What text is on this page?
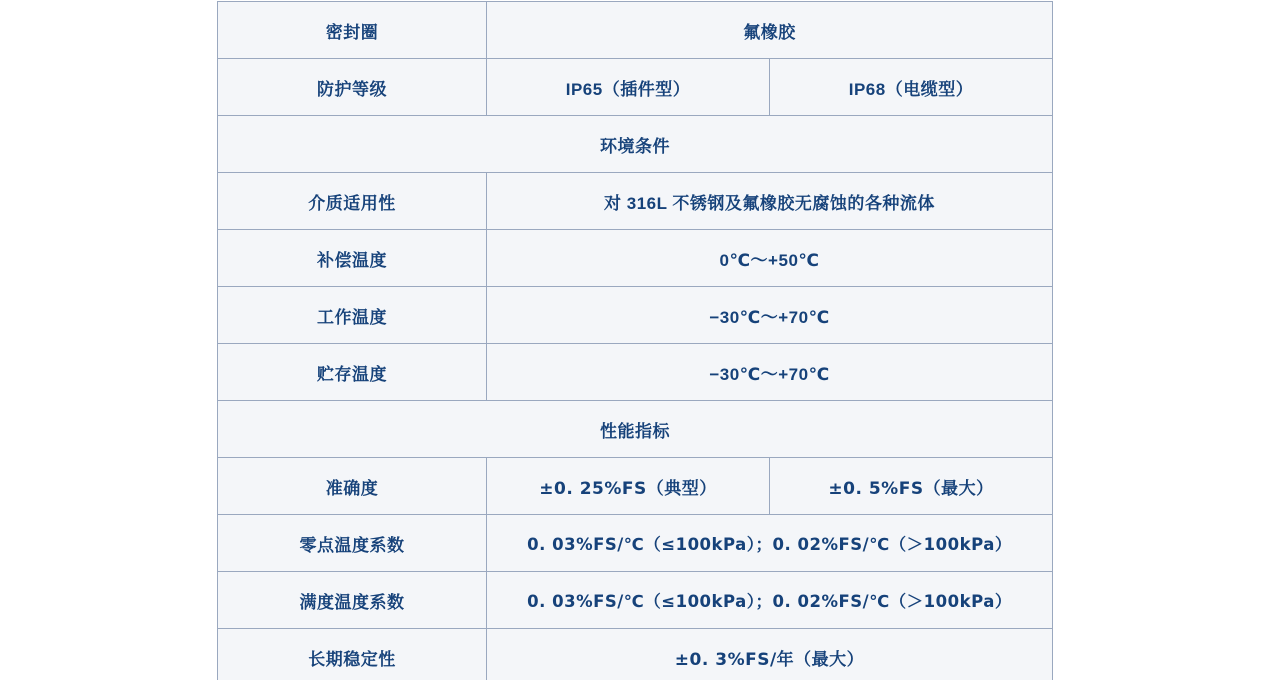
密封圈	氟橡胶	
防护等级	IP65（插件型）	IP68（电缆型）
环境条件		
介质适用性	对 316L 不锈钢及氟橡胶无腐蚀的各种流体	
补偿温度	0℃～+50℃	
工作温度	−30℃～+70℃	
贮存温度	−30℃～+70℃	
性能指标		
准确度	±0. 25%FS（典型）	±0. 5%FS（最大）
零点温度系数	0. 03%FS/℃（≤100kPa）；0. 02%FS/℃（＞100kPa）	
满度温度系数	0. 03%FS/℃（≤100kPa）；0. 02%FS/℃（＞100kPa）	
长期稳定性	±0. 3%FS/年（最大）	
